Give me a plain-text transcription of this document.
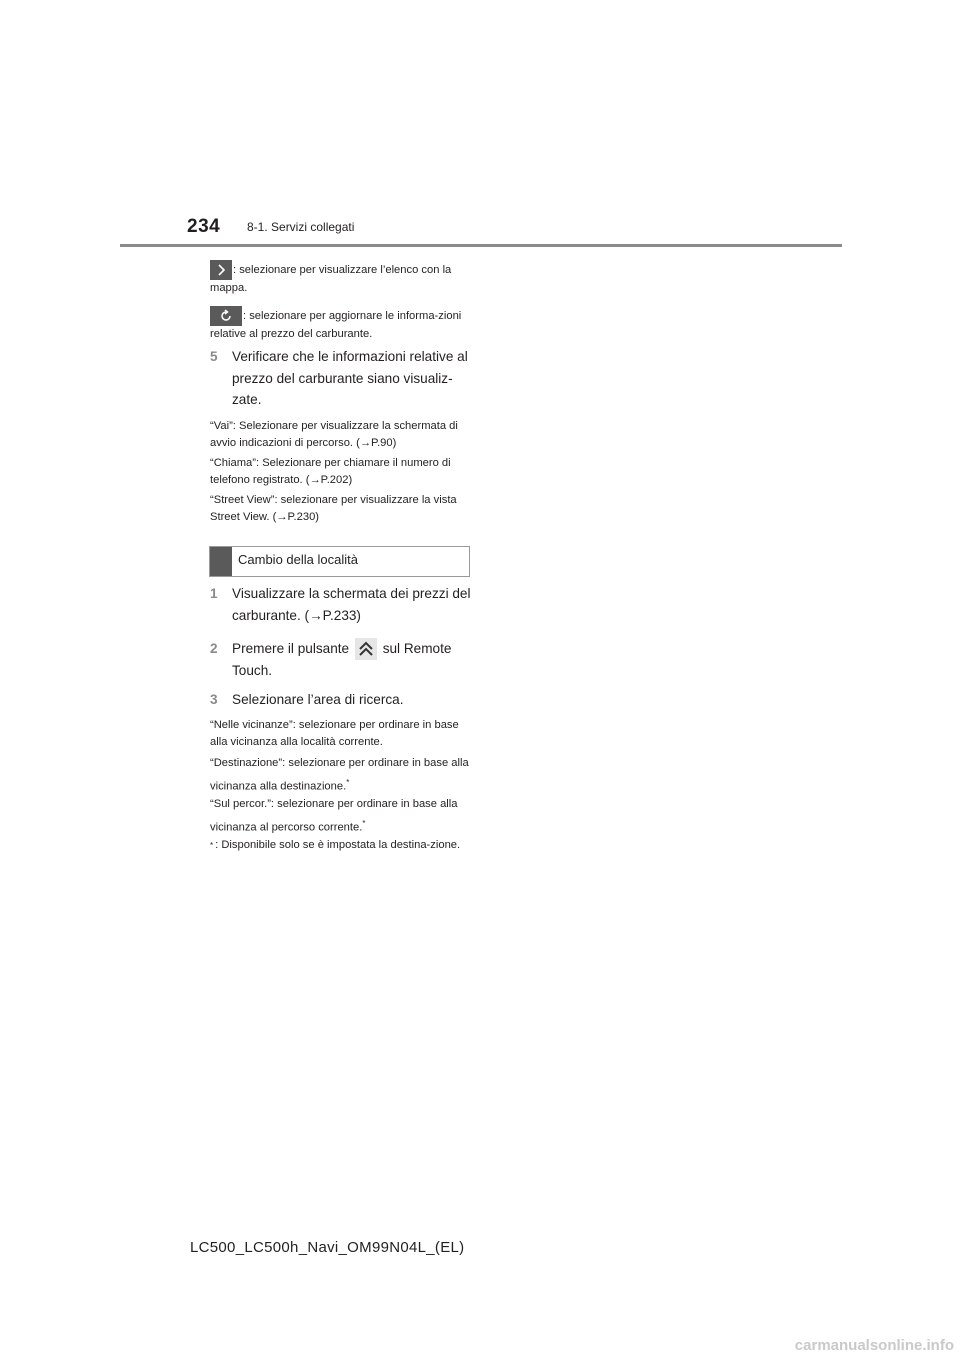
234 8-1. Servizi collegati
: selezionare per visualizzare l’elenco con la mappa.
: selezionare per aggiornare le informa-zioni relative al prezzo del carburante.
5	Verificare che le informazioni relative al prezzo del carburante siano visualiz-zate.
“Vai”: Selezionare per visualizzare la schermata di avvio indicazioni di percorso. (→P.90)
“Chiama”: Selezionare per chiamare il numero di telefono registrato. (→P.202)
“Street View”: selezionare per visualizzare la vista Street View. (→P.230)
Cambio della località
1	Visualizzare la schermata dei prezzi del carburante. (→P.233)
2	Premere il pulsante sul Remote Touch.
3	Selezionare l’area di ricerca.
“Nelle vicinanze”: selezionare per ordinare in base alla vicinanza alla località corrente.
“Destinazione”: selezionare per ordinare in base alla vicinanza alla destinazione.*
“Sul percor.”: selezionare per ordinare in base alla vicinanza al percorso corrente.*
* : Disponibile solo se è impostata la destina-zione.
LC500_LC500h_Navi_OM99N04L_(EL)
carmanualsonline.info
